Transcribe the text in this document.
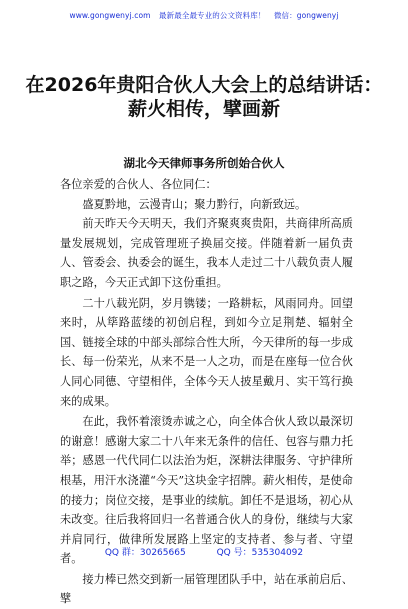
www.gongwenyj.com 最新最全最专业的公文资料库！ 微信：gongwenyj
在2026年贵阳合伙人大会上的总结讲话：
薪火相传，擘画新
湖北今天律师事务所创始合伙人

各位亲爱的合伙人、各位同仁：

盛夏黔地，云漫青山；聚力黔行，向新致远。

前天昨天今天明天，我们齐聚爽爽贵阳，共商律所高质量发展规划，完成管理班子换届交接。伴随着新一届负责人、管委会、执委会的诞生，我本人走过二十八载负责人履职之路，今天正式卸下这份重担。

二十八载光阴，岁月镌镂；一路耕耘，风雨同舟。回望来时，从筚路蓝缕的初创启程，到如今立足荆楚、辐射全国、链接全球的中部头部综合性大所，今天律所的每一步成长、每一份荣光，从来不是一人之功，而是在座每一位合伙人同心同德、守望相伴，全体今天人披星戴月、实干笃行换来的成果。

在此，我怀着滚烫赤诚之心，向全体合伙人致以最深切的谢意！感谢大家二十八年来无条件的信任、包容与鼎力托举；感恩一代代同仁以法治为炬，深耕法律服务、守护律所根基，用汗水浇灌“今天”这块金字招牌。薪火相传，是使命的接力；岗位交接，是事业的续航。卸任不是退场，初心从未改变。往后我将回归一名普通合伙人的身份，继续与大家并肩同行，做律所发展路上坚定的支持者、参与者、守望者。

接力棒已然交到新一届管理团队手中，站在承前启后、擘

QQ 群：30265665	QQ 号：535304092
